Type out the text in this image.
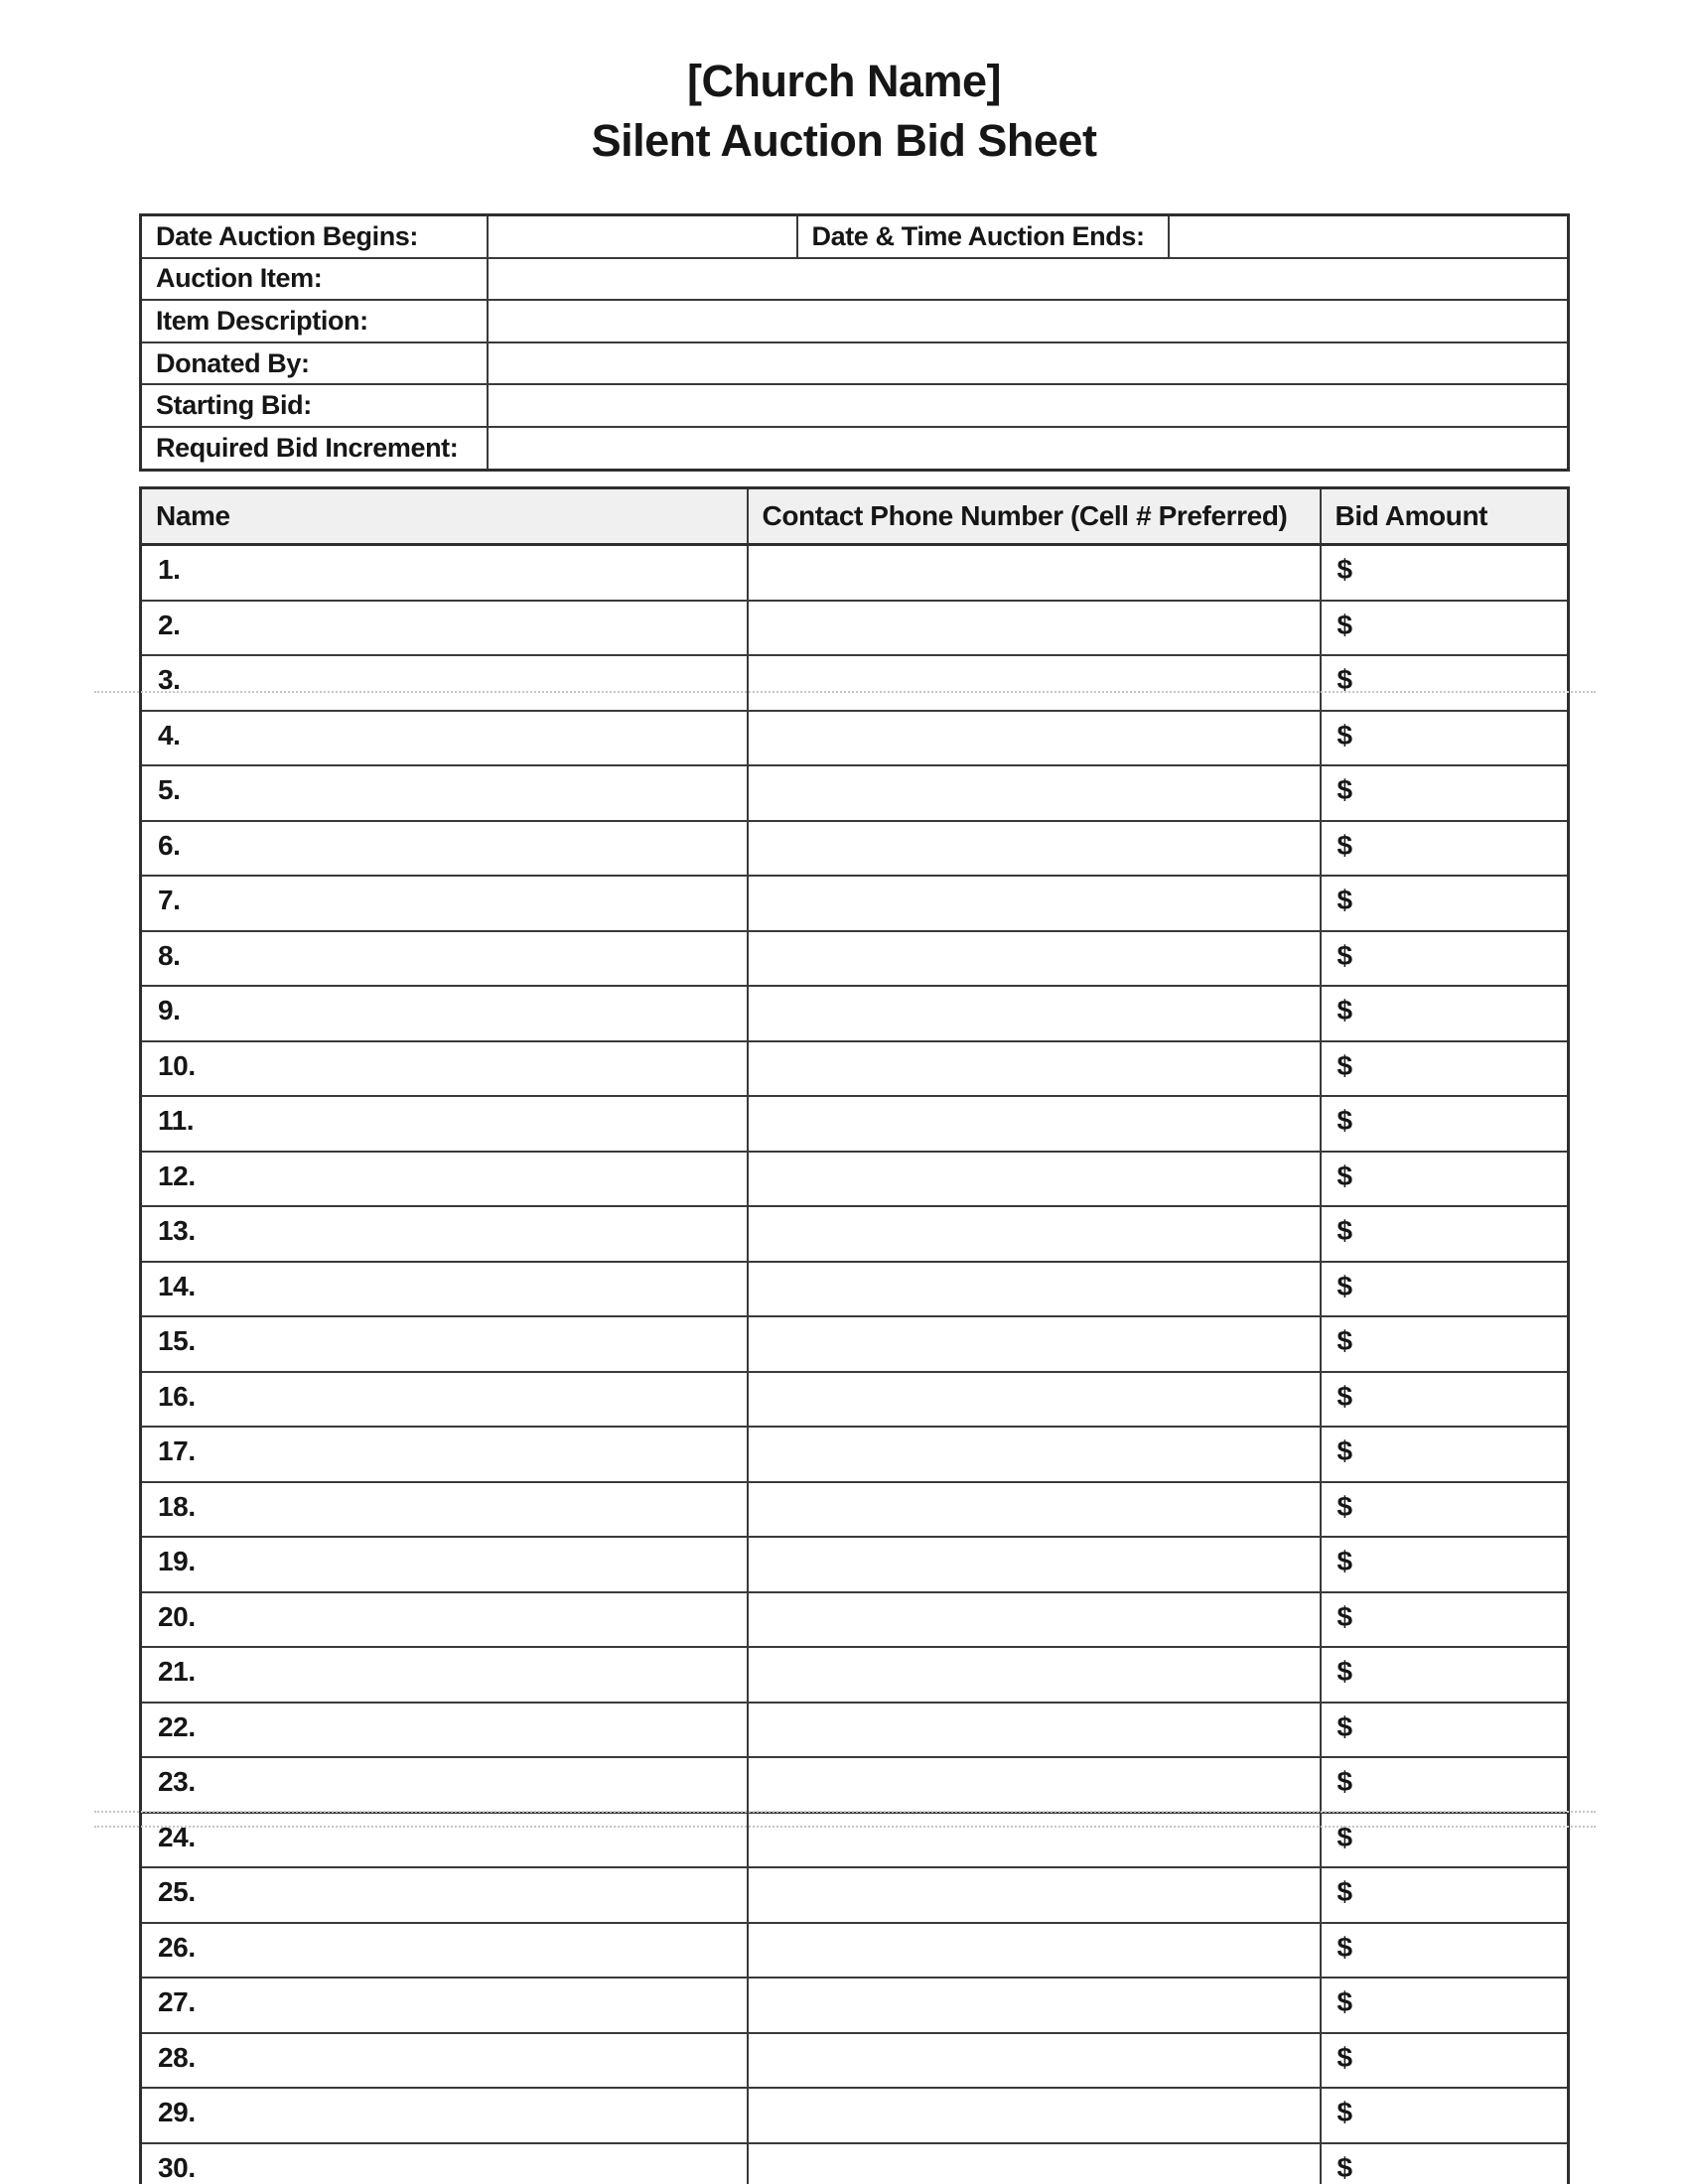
[Church Name]
Silent Auction Bid Sheet
Date Auction Begins:		Date & Time Auction Ends:	
Auction Item:			
Item Description:			
Donated By:			
Starting Bid:			
Required Bid Increment:			
Name	Contact Phone Number (Cell # Preferred)	Bid Amount
1.		$
2.		$
3.		$
4.		$
5.		$
6.		$
7.		$
8.		$
9.		$
10.		$
11.		$
12.		$
13.		$
14.		$
15.		$
16.		$
17.		$
18.		$
19.		$
20.		$
21.		$
22.		$
23.		$
24.		$
25.		$
26.		$
27.		$
28.		$
29.		$
30.		$
